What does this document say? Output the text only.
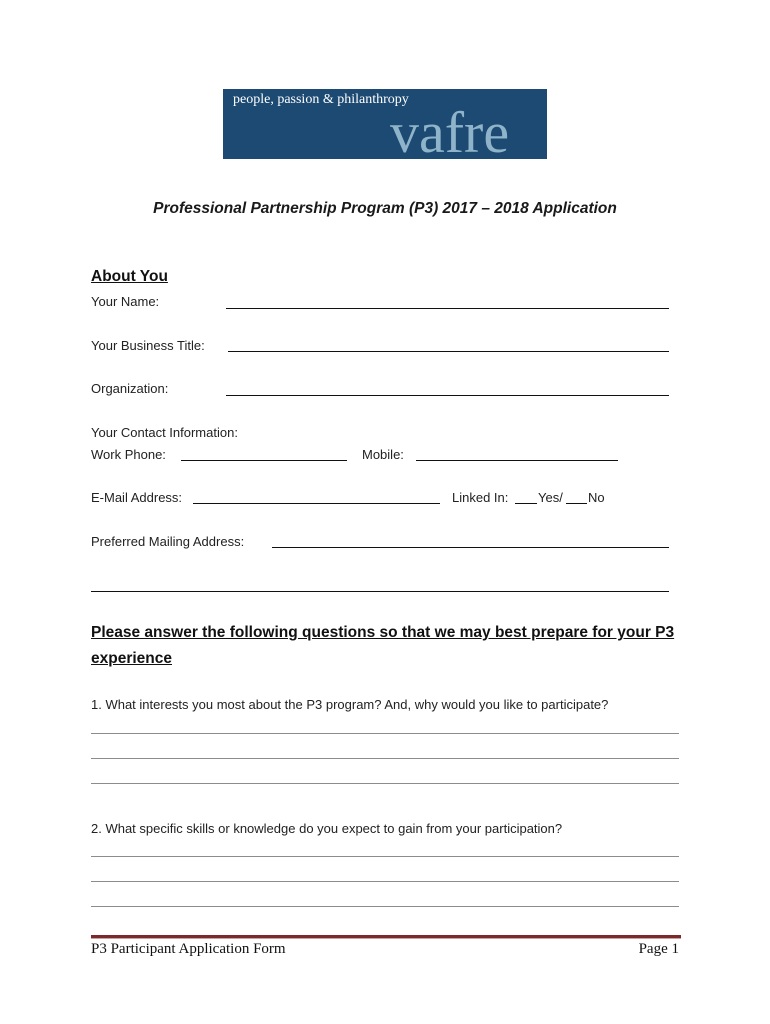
people, passion & philanthropy
vafre
Professional Partnership Program (P3) 2017 – 2018 Application
About You
Your Name:
Your Business Title:
Organization:
Your Contact Information:
Work Phone:	Mobile:
E-Mail Address:	Linked In: Yes/ No
Preferred Mailing Address:
Please answer the following questions so that we may best prepare for your P3 experience
1. What interests you most about the P3 program? And, why would you like to participate?
2. What specific skills or knowledge do you expect to gain from your participation?
P3 Participant Application Form	Page 1
